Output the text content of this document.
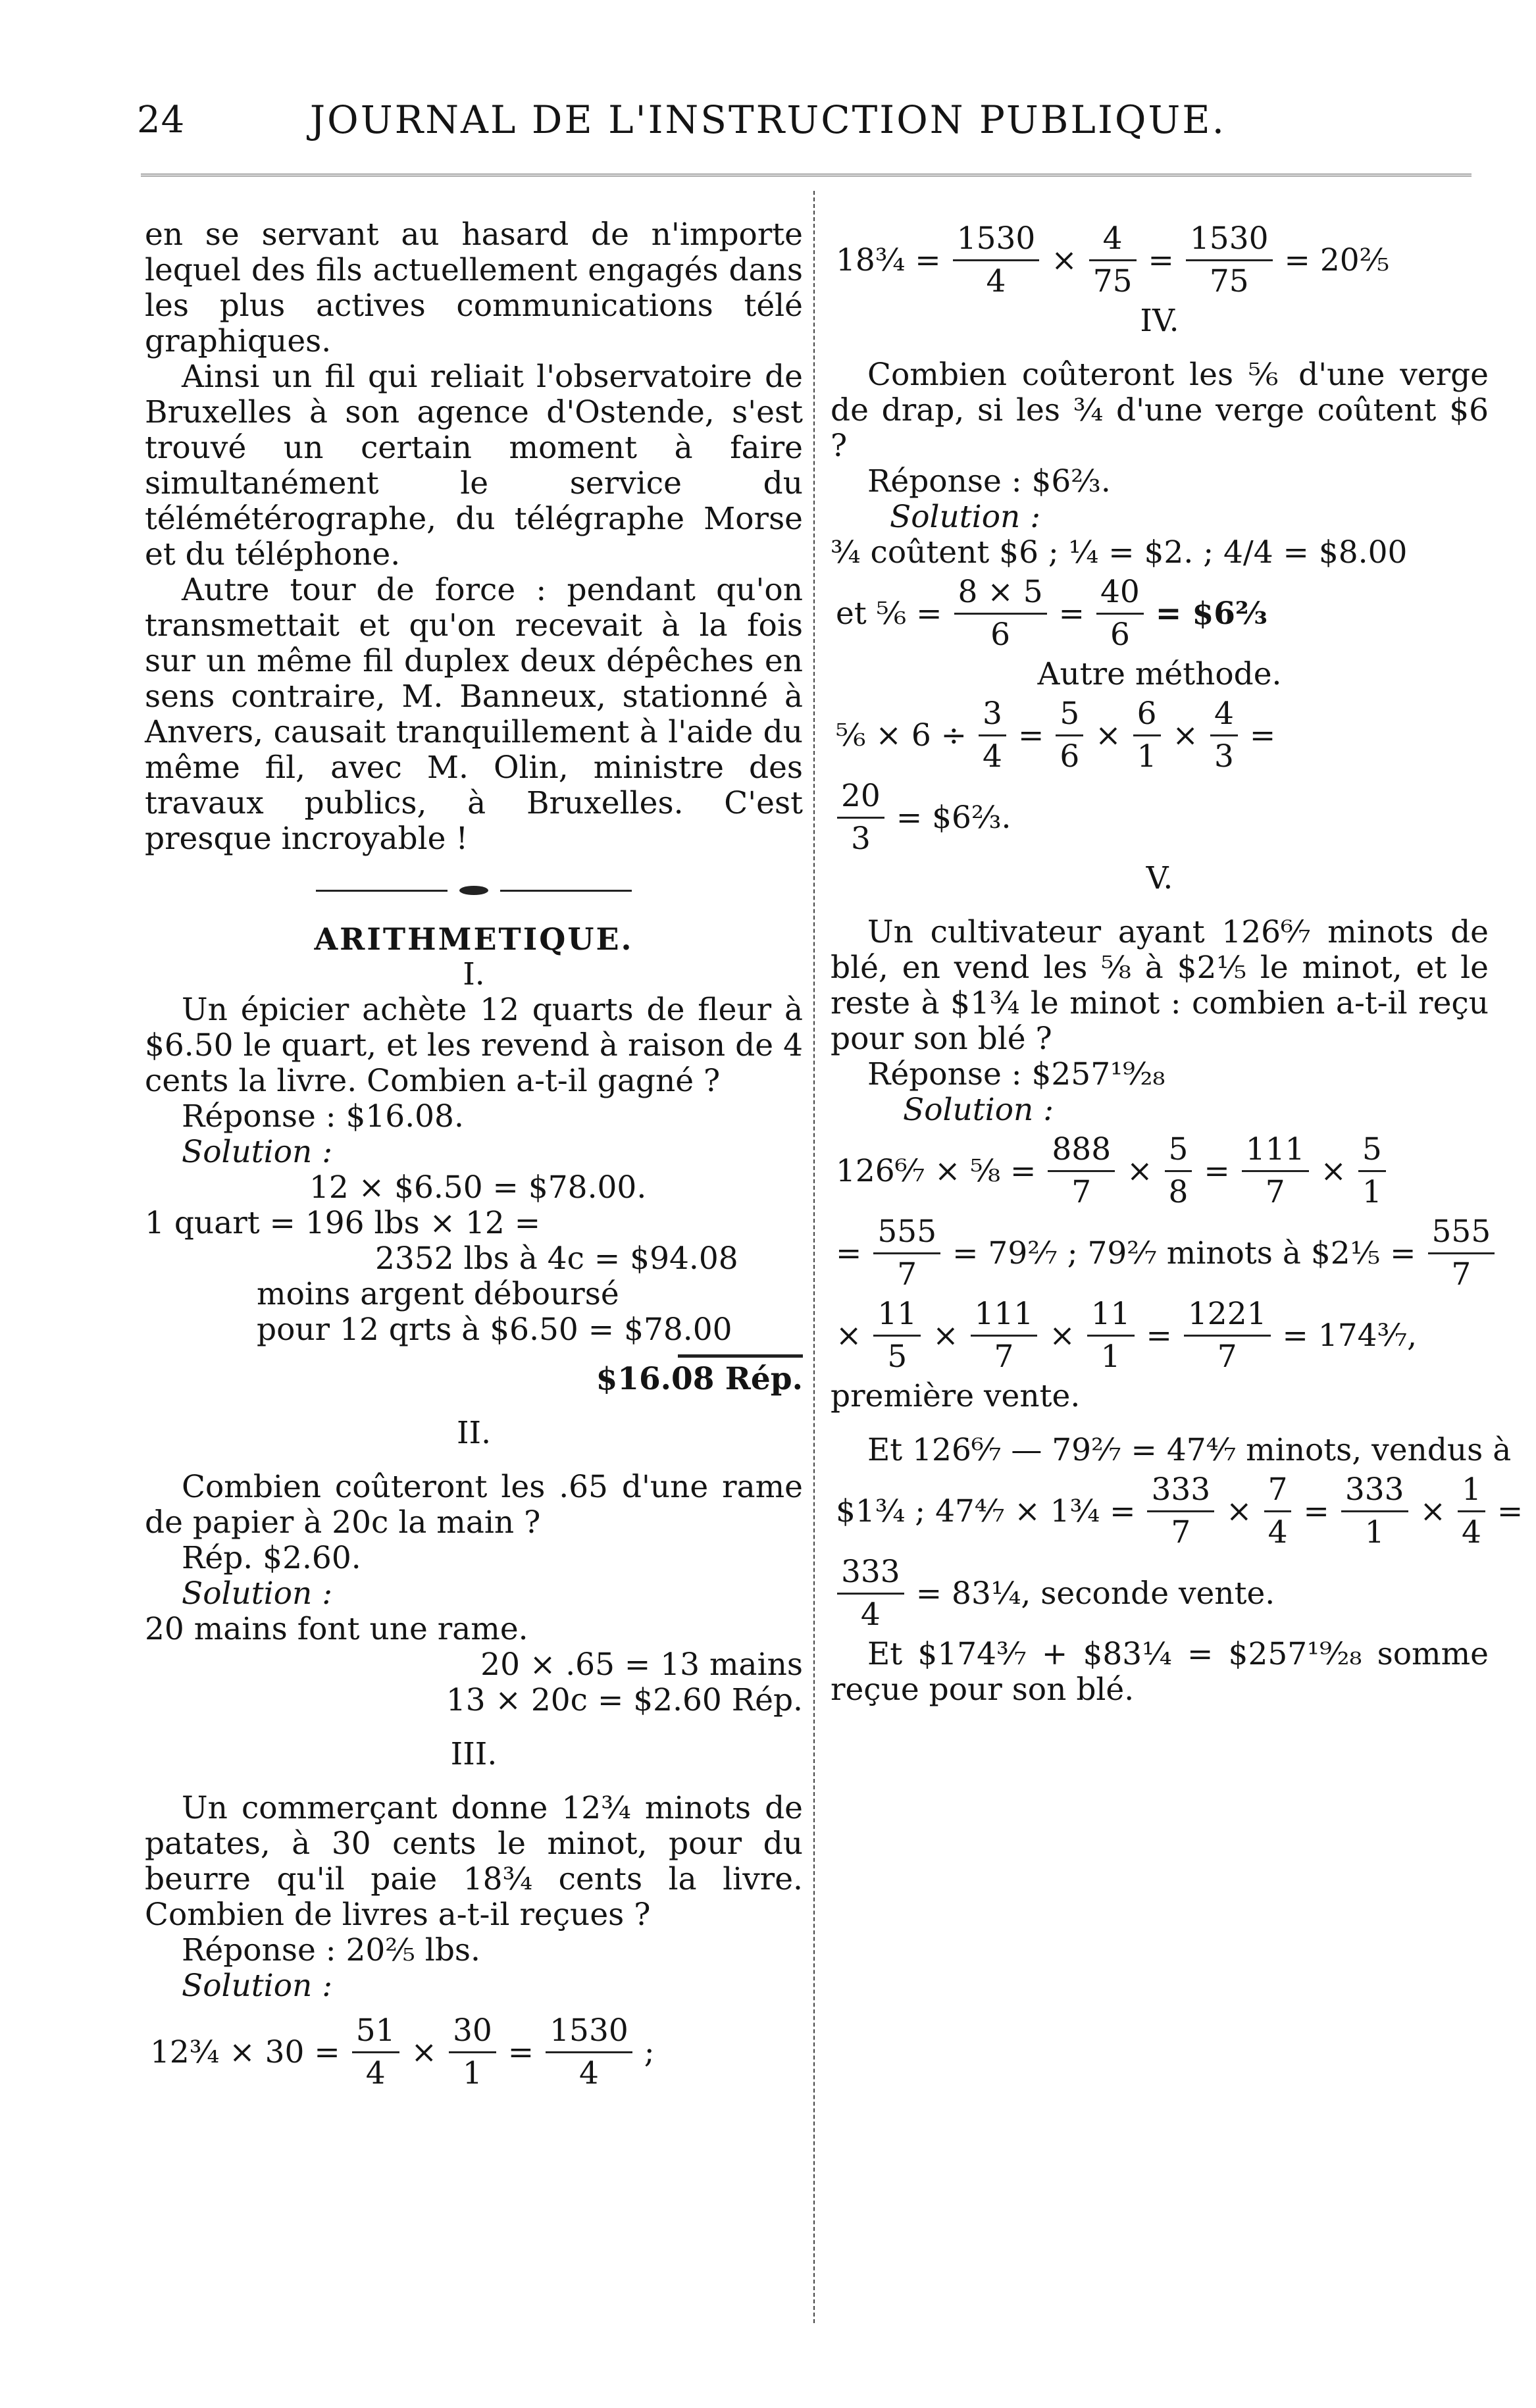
24	JOURNAL DE L'INSTRUCTION PUBLIQUE.

en se servant au hasard de n'importe lequel des fils actuellement engagés dans les plus actives communications télé graphiques.

Ainsi un fil qui reliait l'observatoire de Bruxelles à son agence d'Ostende, s'est trouvé un certain moment à faire simultanément le service du télémétérographe, du télégraphe Morse et du téléphone.

Autre tour de force : pendant qu'on transmettait et qu'on recevait à la fois sur un même fil duplex deux dépêches en sens contraire, M. Banneux, stationné à Anvers, causait tranquillement à l'aide du même fil, avec M. Olin, ministre des travaux publics, à Bruxelles. C'est presque incroyable !

ARITHMETIQUE.
I.

Un épicier achète 12 quarts de fleur à $6.50 le quart, et les revend à raison de 4 cents la livre. Combien a-t-il gagné ?

Réponse : $16.08.
Solution :
12 × $6.50 = $78.00.
1 quart = 196 lbs × 12 =
2352 lbs à 4c = $94.08
moins argent déboursé
pour 12 qrts à $6.50 = $78.00
$16.08 Rép.
II.

Combien coûteront les .65 d'une rame de papier à 20c la main ?

Rép. $2.60.
Solution :
20 mains font une rame.
20 × .65 = 13 mains
13 × 20c = $2.60 Rép.
III.

Un commerçant donne 12¾ minots de patates, à 30 cents le minot, pour du beurre qu'il paie 18¾ cents la livre. Combien de livres a-t-il reçues ?

Réponse : 20⅖ lbs.
Solution :
12¾ × $30 = \frac{51}{4} \times \frac{30}{1} = \frac{1530}{4}$ ;
18¾ = $\frac{1530}{4} \times \frac{4}{75} = \frac{1530}{75}$ = 20⅖
IV.

Combien coûteront les ⅚ d'une verge de drap, si les ¾ d'une verge coûtent $6 ?

Réponse : $6⅔.
Solution :
¾ coûtent $6 ; ¼ = $2. ; 4/4 = $8.00
et ⅚ = $\frac{8 \times 5}{6} = \frac{40}{6}$ = $6⅔
Autre méthode.
⅚ × $6 \div \frac{3}{4} = \frac{5}{6} \times \frac{6}{1} \times \frac{4}{3}$ =
$\frac{20}{3}$ = $6⅔.
V.

Un cultivateur ayant 126⁶⁄₇ minots de blé, en vend les ⅝ à $2⅕ le minot, et le reste à $1¾ le minot : combien a-t-il reçu pour son blé ?

Réponse : $257¹⁹⁄₂₈
Solution :
126⁶⁄₇ × ⅝ = $\frac{888}{7} \times \frac{5}{8} = \frac{111}{7} \times \frac{5}{1}$
= $\frac{555}{7}$ = 79²⁄₇ ; 79²⁄₇ minots à $2⅕ = $\frac{555}{7}$
× $\frac{11}{5} \times \frac{111}{7} \times \frac{11}{1} = \frac{1221}{7}$ = 174³⁄₇,
première vente.
Et 126⁶⁄₇ — 79²⁄₇ = 47⁴⁄₇ minots, vendus à
$1¾ ; 47⁴⁄₇ × 1¾ = $\frac{333}{7} \times \frac{7}{4} = \frac{333}{1} \times \frac{1}{4}$ =
$\frac{333}{4}$ = 83¼, seconde vente.

Et $174³⁄₇ + $83¼ = $257¹⁹⁄₂₈ somme reçue pour son blé.
